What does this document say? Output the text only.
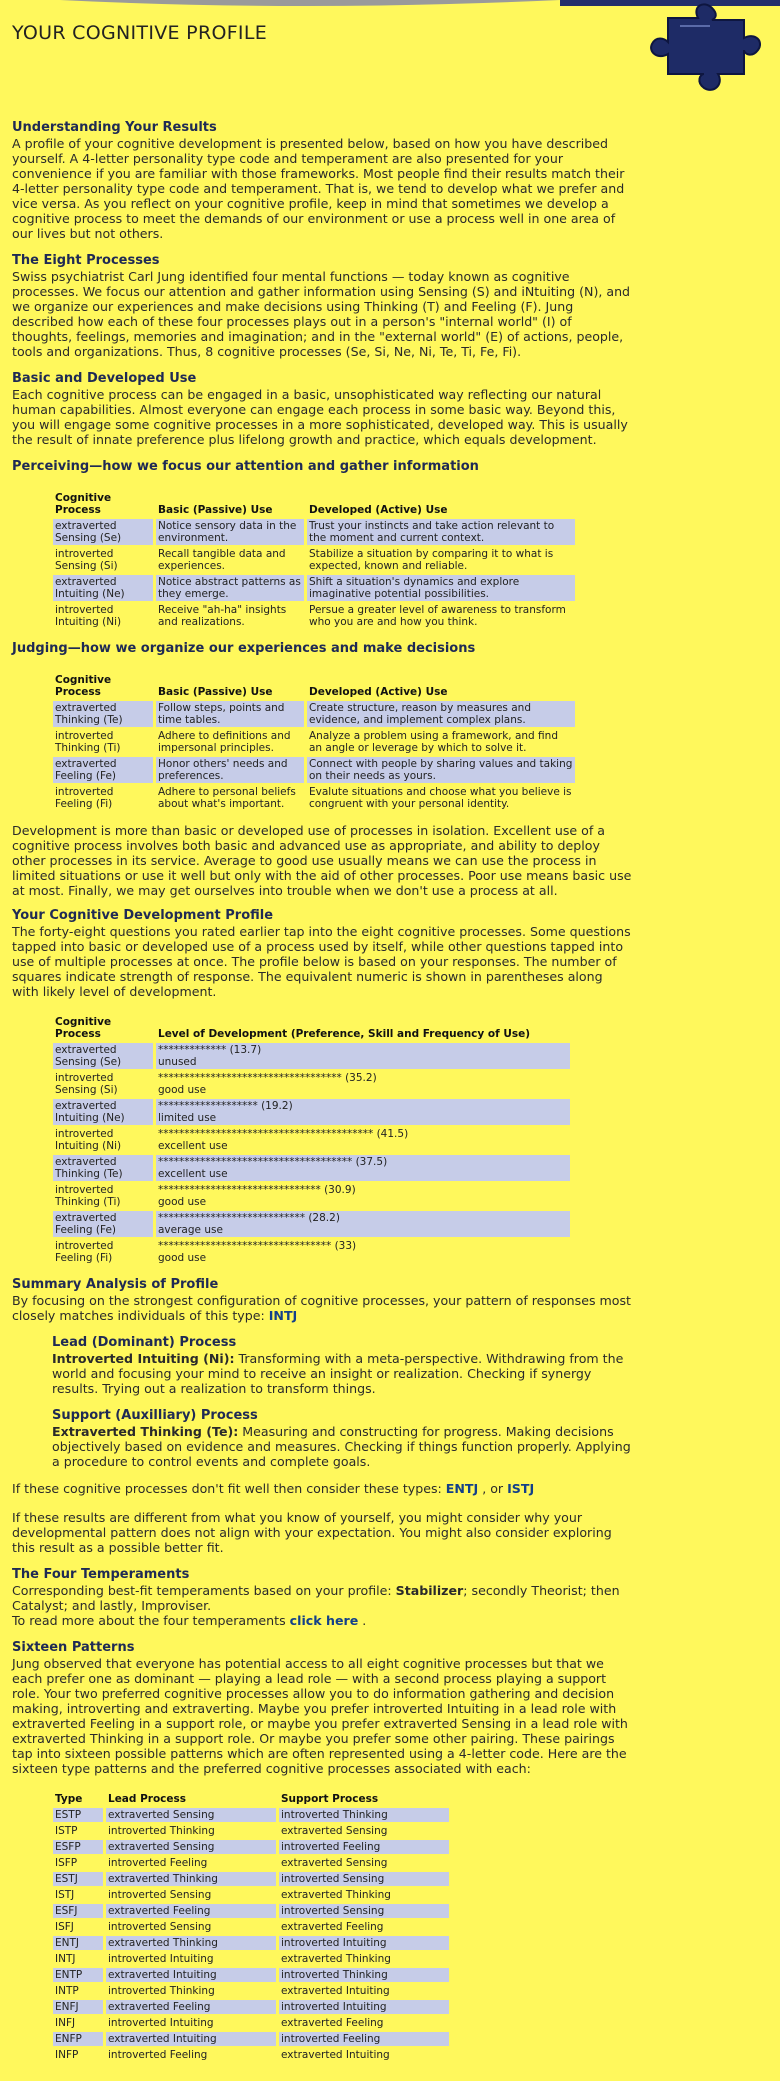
YOUR COGNITIVE PROFILE
Understanding Your Results

A profile of your cognitive development is presented below, based on how you have described yourself. A 4-letter personality type code and temperament are also presented for your convenience if you are familiar with those frameworks. Most people find their results match their 4-letter personality type code and temperament. That is, we tend to develop what we prefer and vice versa. As you reflect on your cognitive profile, keep in mind that sometimes we develop a cognitive process to meet the demands of our environment or use a process well in one area of our lives but not others.

The Eight Processes

Swiss psychiatrist Carl Jung identified four mental functions — today known as cognitive processes. We focus our attention and gather information using Sensing (S) and iNtuiting (N), and we organize our experiences and make decisions using Thinking (T) and Feeling (F). Jung described how each of these four processes plays out in a person's "internal world" (I) of thoughts, feelings, memories and imagination; and in the "external world" (E) of actions, people, tools and organizations. Thus, 8 cognitive processes (Se, Si, Ne, Ni, Te, Ti, Fe, Fi).

Basic and Developed Use

Each cognitive process can be engaged in a basic, unsophisticated way reflecting our natural human capabilities. Almost everyone can engage each process in some basic way. Beyond this, you will engage some cognitive processes in a more sophisticated, developed way. This is usually the result of innate preference plus lifelong growth and practice, which equals development.

Perceiving—how we focus our attention and gather information
Cognitive Process	Basic (Passive) Use	Developed (Active) Use
extraverted Sensing (Se)	Notice sensory data in the environment.	Trust your instincts and take action relevant to the moment and current context.
introverted Sensing (Si)	Recall tangible data and experiences.	Stabilize a situation by comparing it to what is expected, known and reliable.
extraverted Intuiting (Ne)	Notice abstract patterns as they emerge.	Shift a situation's dynamics and explore imaginative potential possibilities.
introverted Intuiting (Ni)	Receive "ah-ha" insights and realizations.	Persue a greater level of awareness to transform who you are and how you think.
Judging—how we organize our experiences and make decisions
Cognitive Process	Basic (Passive) Use	Developed (Active) Use
extraverted Thinking (Te)	Follow steps, points and time tables.	Create structure, reason by measures and evidence, and implement complex plans.
introverted Thinking (Ti)	Adhere to definitions and impersonal principles.	Analyze a problem using a framework, and find an angle or leverage by which to solve it.
extraverted Feeling (Fe)	Honor others' needs and preferences.	Connect with people by sharing values and taking on their needs as yours.
introverted Feeling (Fi)	Adhere to personal beliefs about what's important.	Evalute situations and choose what you believe is congruent with your personal identity.

Development is more than basic or developed use of processes in isolation. Excellent use of a cognitive process involves both basic and advanced use as appropriate, and ability to deploy other processes in its service. Average to good use usually means we can use the process in limited situations or use it well but only with the aid of other processes. Poor use means basic use at most. Finally, we may get ourselves into trouble when we don't use a process at all.

Your Cognitive Development Profile

The forty-eight questions you rated earlier tap into the eight cognitive processes. Some questions tapped into basic or developed use of a process used by itself, while other questions tapped into use of multiple processes at once. The profile below is based on your responses. The number of squares indicate strength of response. The equivalent numeric is shown in parentheses along with likely level of development.

Cognitive Process	Level of Development (Preference, Skill and Frequency of Use)
extraverted Sensing (Se)	************* (13.7)
unused

introverted Sensing (Si)	*********************************** (35.2)
good use

extraverted Intuiting (Ne)	******************* (19.2)
limited use

introverted Intuiting (Ni)	***************************************** (41.5)
excellent use

extraverted Thinking (Te)	************************************* (37.5)
excellent use

introverted Thinking (Ti)	******************************* (30.9)
good use

extraverted Feeling (Fe)	**************************** (28.2)
average use

introverted Feeling (Fi)	********************************* (33)
good use
Summary Analysis of Profile

By focusing on the strongest configuration of cognitive processes, your pattern of responses most closely matches individuals of this type: INTJ

Lead (Dominant) Process

Introverted Intuiting (Ni): Transforming with a meta-perspective. Withdrawing from the world and focusing your mind to receive an insight or realization. Checking if synergy results. Trying out a realization to transform things.

Support (Auxilliary) Process

Extraverted Thinking (Te): Measuring and constructing for progress. Making decisions objectively based on evidence and measures. Checking if things function properly. Applying a procedure to control events and complete goals.

If these cognitive processes don't fit well then consider these types: ENTJ , or ISTJ

If these results are different from what you know of yourself, you might consider why your developmental pattern does not align with your expectation. You might also consider exploring this result as a possible better fit.

The Four Temperaments

Corresponding best-fit temperaments based on your profile: Stabilizer; secondly Theorist; then Catalyst; and lastly, Improviser.

To read more about the four temperaments click here .

Sixteen Patterns

Jung observed that everyone has potential access to all eight cognitive processes but that we each prefer one as dominant — playing a lead role — with a second process playing a support role. Your two preferred cognitive processes allow you to do information gathering and decision making, introverting and extraverting. Maybe you prefer introverted Intuiting in a lead role with extraverted Feeling in a support role, or maybe you prefer extraverted Sensing in a lead role with extraverted Thinking in a support role. Or maybe you prefer some other pairing. These pairings tap into sixteen possible patterns which are often represented using a 4-letter code. Here are the sixteen type patterns and the preferred cognitive processes associated with each:

Type	Lead Process	Support Process
ESTP	extraverted Sensing	introverted Thinking
ISTP	introverted Thinking	extraverted Sensing
ESFP	extraverted Sensing	introverted Feeling
ISFP	introverted Feeling	extraverted Sensing
ESTJ	extraverted Thinking	introverted Sensing
ISTJ	introverted Sensing	extraverted Thinking
ESFJ	extraverted Feeling	introverted Sensing
ISFJ	introverted Sensing	extraverted Feeling
ENTJ	extraverted Thinking	introverted Intuiting
INTJ	introverted Intuiting	extraverted Thinking
ENTP	extraverted Intuiting	introverted Thinking
INTP	introverted Thinking	extraverted Intuiting
ENFJ	extraverted Feeling	introverted Intuiting
INFJ	introverted Intuiting	extraverted Feeling
ENFP	extraverted Intuiting	introverted Feeling
INFP	introverted Feeling	extraverted Intuiting
